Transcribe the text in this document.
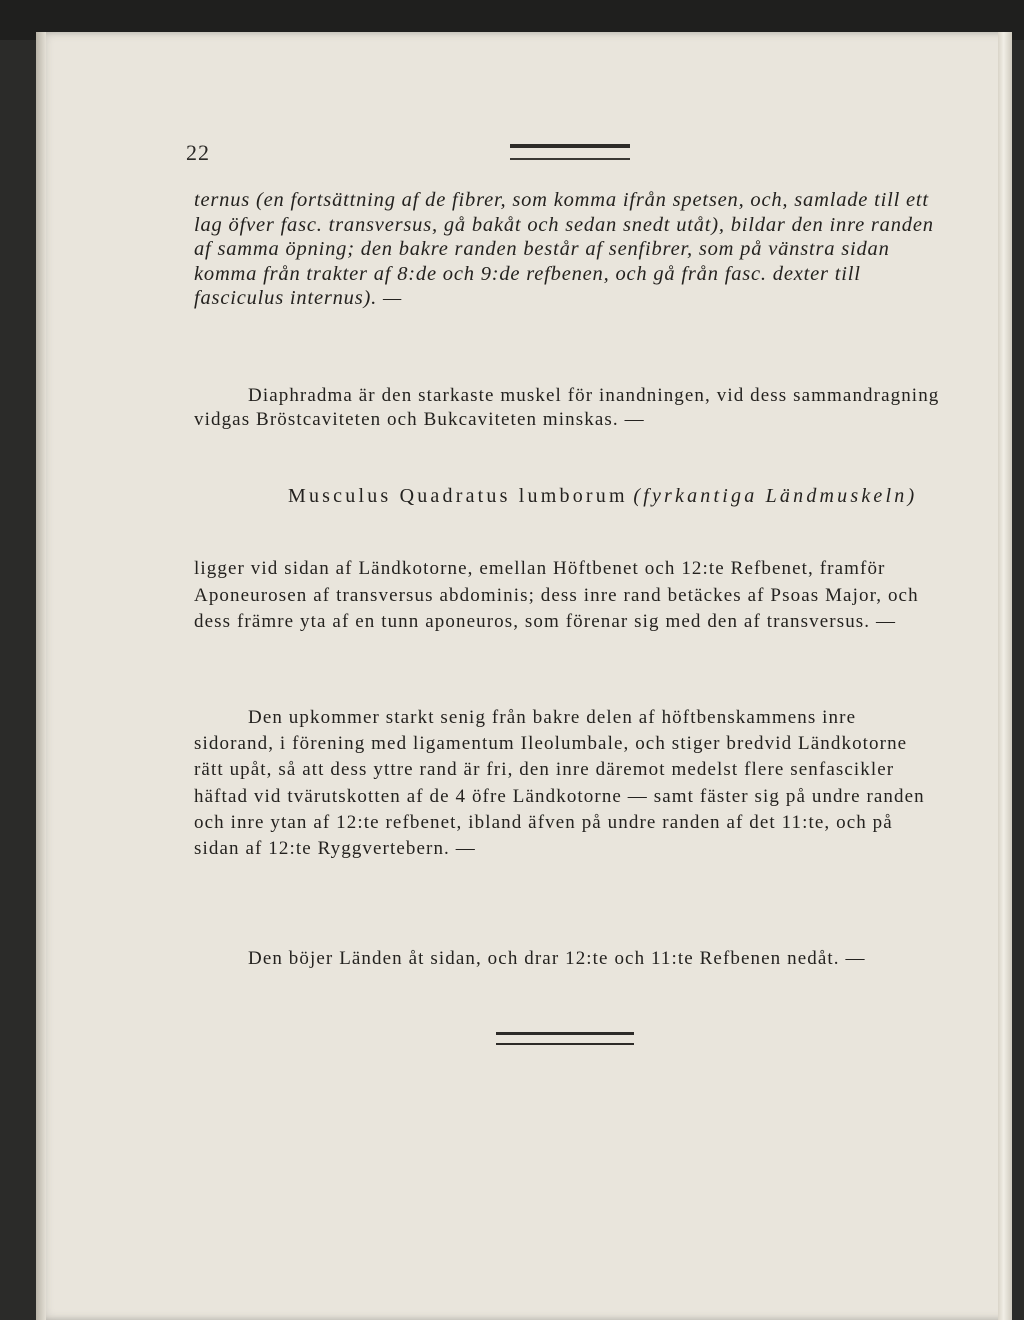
22
ternus (en fortsättning af de fibrer, som komma ifrån spetsen, och, samlade till ett lag öfver fasc. transversus, gå bakåt och sedan snedt utåt), bildar den inre randen af samma öpning; den bakre randen består af senfibrer, som på vänstra sidan komma från trakter af 8:de och 9:de refbenen, och gå från fasc. dexter till fasciculus internus). —

Diaphradma är den starkaste muskel för inandningen, vid dess sammandragning vidgas Bröstcaviteten och Bukcaviteten minskas. —

Musculus Quadratus lumborum (fyrkantiga Ländmuskeln)
ligger vid sidan af Ländkotorne, emellan Höftbenet och 12:te Refbenet, framför Aponeurosen af transversus abdominis; dess inre rand betäckes af Psoas Major, och dess främre yta af en tunn aponeuros, som förenar sig med den af transversus. —

Den upkommer starkt senig från bakre delen af höftbenskammens inre sidorand, i förening med ligamentum Ileolumbale, och stiger bredvid Ländkotorne rätt upåt, så att dess yttre rand är fri, den inre däremot medelst flere senfascikler häftad vid tvärutskotten af de 4 öfre Ländkotorne — samt fäster sig på undre randen och inre ytan af 12:te refbenet, ibland äfven på undre randen af det 11:te, och på sidan af 12:te Ryggvertebern. —

Den böjer Länden åt sidan, och drar 12:te och 11:te Refbenen nedåt. —
